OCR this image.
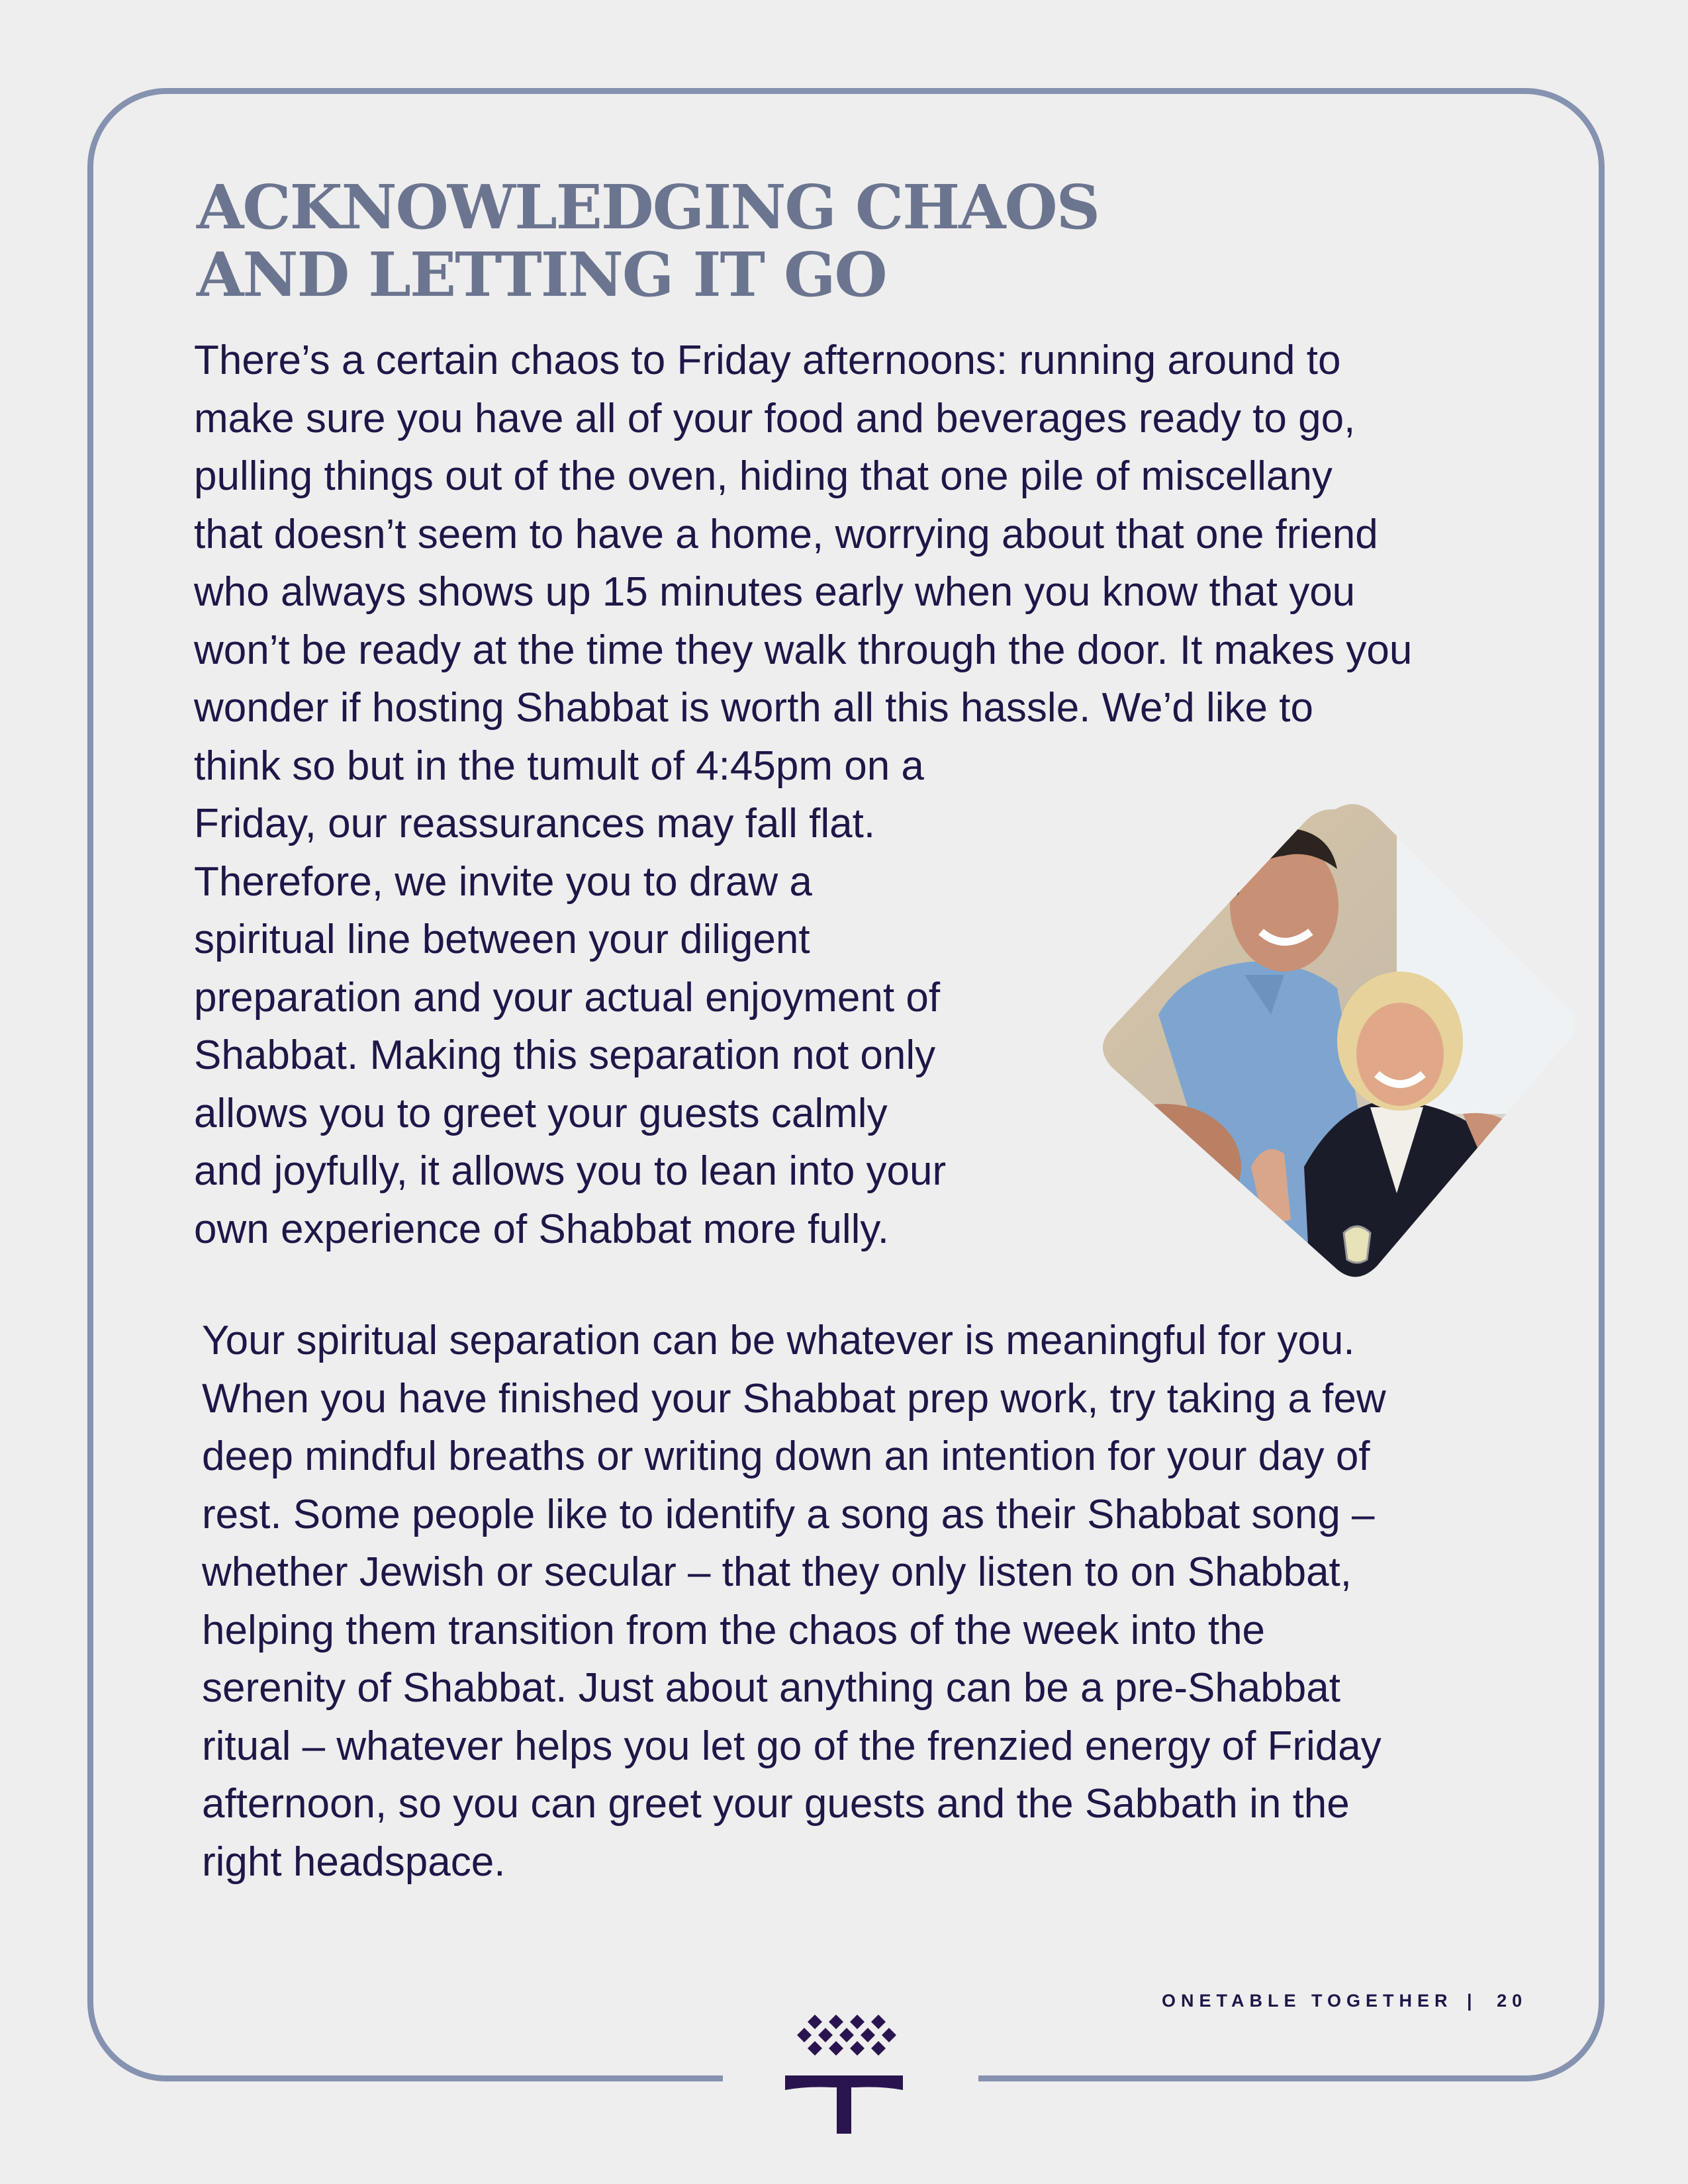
ACKNOWLEDGING CHAOS
AND LETTING IT GO
There’s a certain chaos to Friday afternoons: running around to
make sure you have all of your food and beverages ready to go,
pulling things out of the oven, hiding that one pile of miscellany
that doesn’t seem to have a home, worrying about that one friend
who always shows up 15 minutes early when you know that you
won’t be ready at the time they walk through the door. It makes you
wonder if hosting Shabbat is worth all this hassle. We’d like to
think so but in the tumult of 4:45pm on a
Friday, our reassurances may fall flat.
Therefore, we invite you to draw a
spiritual line between your diligent
preparation and your actual enjoyment of
Shabbat. Making this separation not only
allows you to greet your guests calmly
and joyfully, it allows you to lean into your
own experience of Shabbat more fully.
Your spiritual separation can be whatever is meaningful for you.
When you have finished your Shabbat prep work, try taking a few
deep mindful breaths or writing down an intention for your day of
rest. Some people like to identify a song as their Shabbat song –
whether Jewish or secular – that they only listen to on Shabbat,
helping them transition from the chaos of the week into the
serenity of Shabbat. Just about anything can be a pre-Shabbat
ritual – whatever helps you let go of the frenzied energy of Friday
afternoon, so you can greet your guests and the Sabbath in the
right headspace.
ONETABLE TOGETHER | 20
